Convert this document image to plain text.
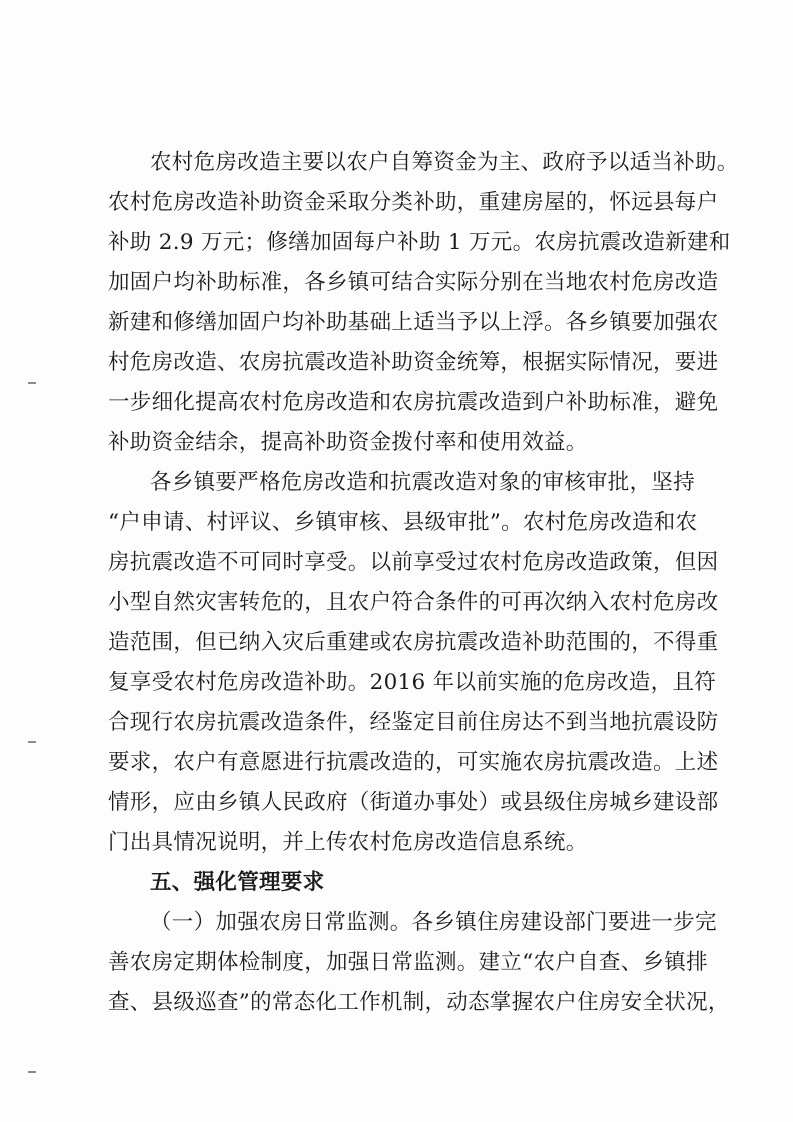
农村危房改造主要以农户自筹资金为主、政府予以适当补助。
农村危房改造补助资金采取分类补助，重建房屋的，怀远县每户
补助 2.9 万元；修缮加固每户补助 1 万元。农房抗震改造新建和
加固户均补助标准，各乡镇可结合实际分别在当地农村危房改造
新建和修缮加固户均补助基础上适当予以上浮。各乡镇要加强农
村危房改造、农房抗震改造补助资金统筹，根据实际情况，要进
一步细化提高农村危房改造和农房抗震改造到户补助标准，避免
补助资金结余，提高补助资金拨付率和使用效益。
各乡镇要严格危房改造和抗震改造对象的审核审批，坚持
“户申请、村评议、乡镇审核、县级审批”。农村危房改造和农
房抗震改造不可同时享受。以前享受过农村危房改造政策，但因
小型自然灾害转危的，且农户符合条件的可再次纳入农村危房改
造范围，但已纳入灾后重建或农房抗震改造补助范围的，不得重
复享受农村危房改造补助。2016 年以前实施的危房改造，且符
合现行农房抗震改造条件，经鉴定目前住房达不到当地抗震设防
要求，农户有意愿进行抗震改造的，可实施农房抗震改造。上述
情形，应由乡镇人民政府（街道办事处）或县级住房城乡建设部
门出具情况说明，并上传农村危房改造信息系统。
五、强化管理要求
（一）加强农房日常监测。各乡镇住房建设部门要进一步完
善农房定期体检制度，加强日常监测。建立“农户自查、乡镇排
查、县级巡查”的常态化工作机制，动态掌握农户住房安全状况，
